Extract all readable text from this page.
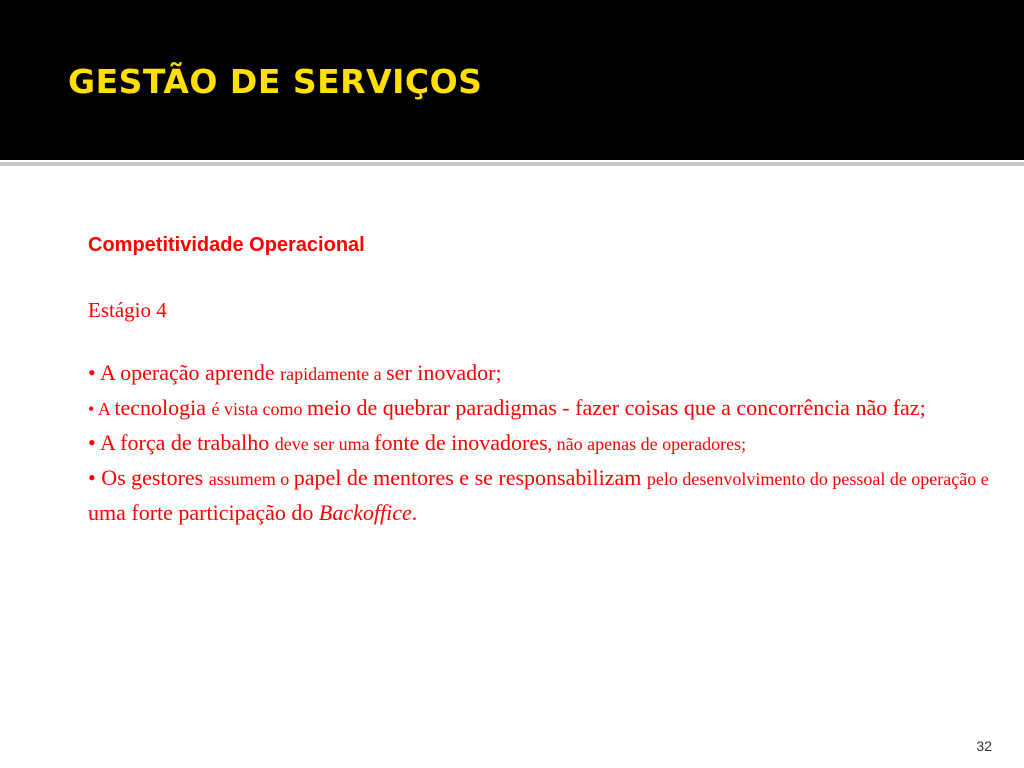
GESTÃO DE SERVIÇOS

Competitividade Operacional

Estágio 4

• A operação aprende rapidamente a ser inovador;

• A tecnologia é vista como meio de quebrar paradigmas - fazer coisas que a concorrência não faz;

• A força de trabalho deve ser uma fonte de inovadores, não apenas de operadores;

• Os gestores assumem o papel de mentores e se responsabilizam pelo desenvolvimento do pessoal de operação e uma forte participação do Backoffice.

32
